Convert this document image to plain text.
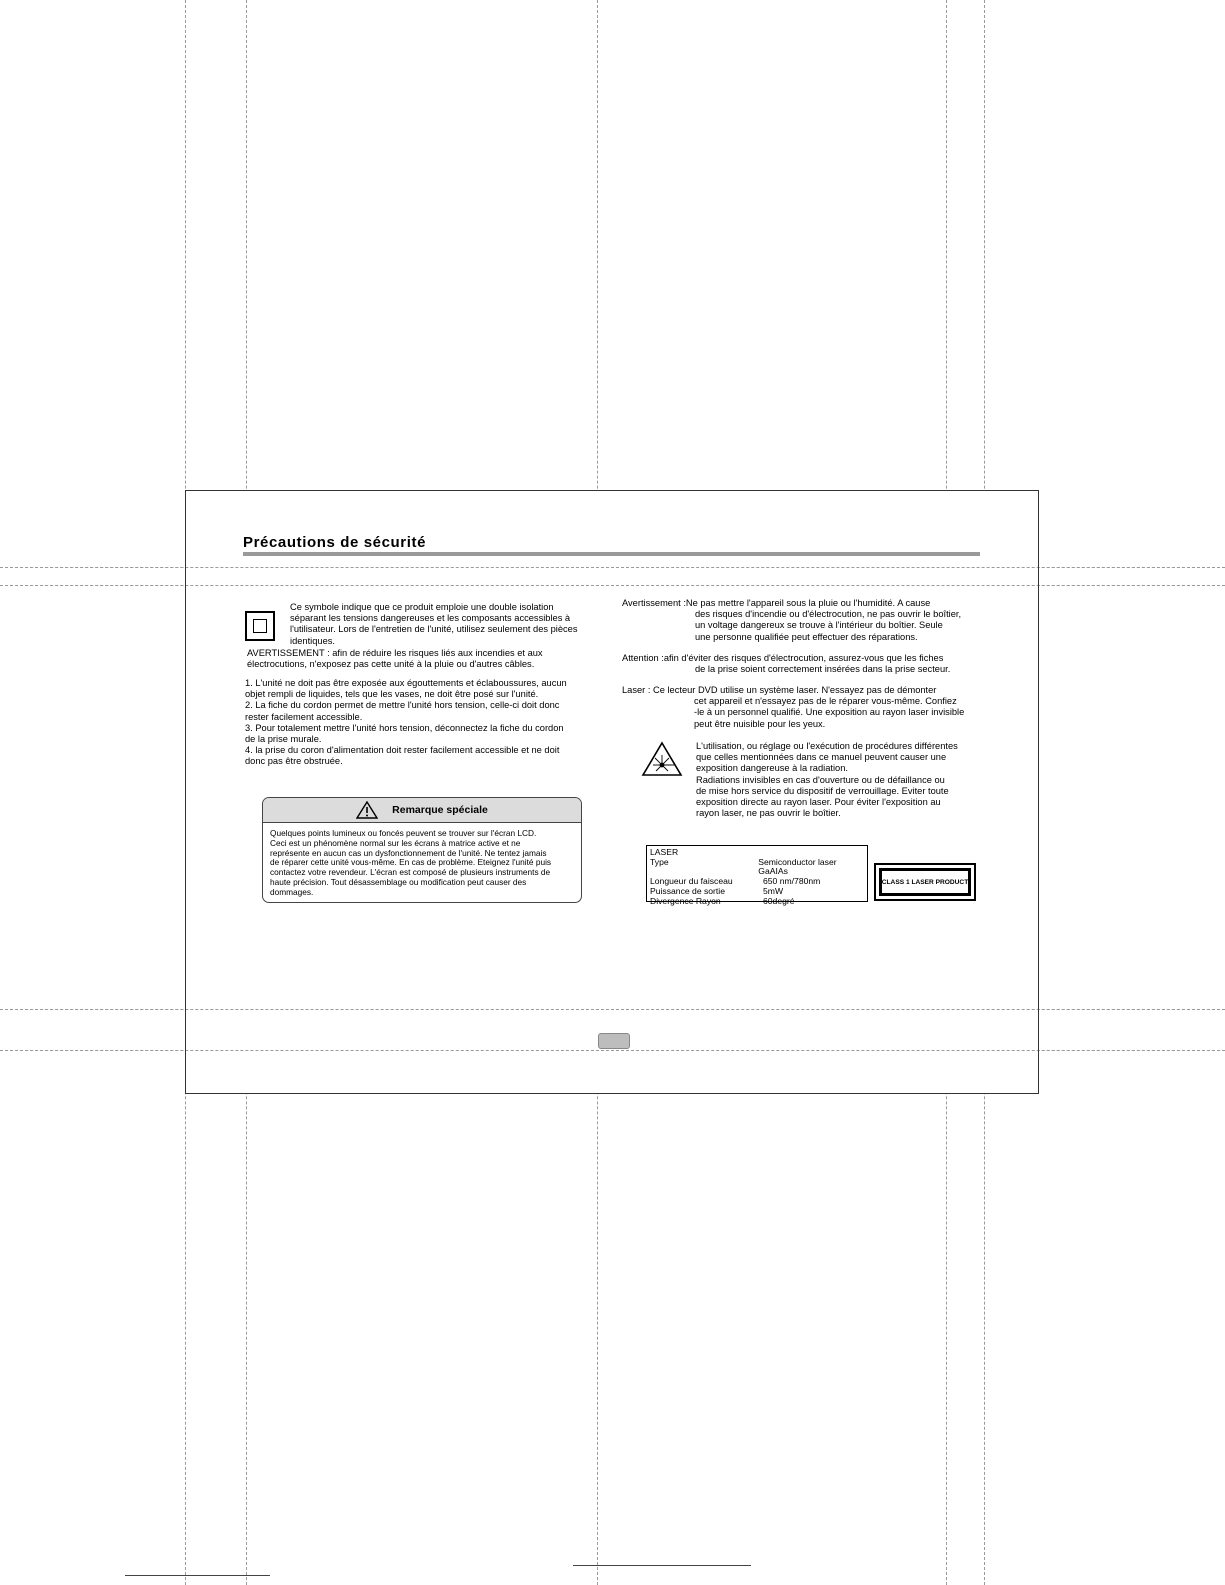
Précautions de sécurité

Ce symbole indique que ce produit emploie une double isolation

séparant les tensions dangereuses et les composants accessibles à

l'utilisateur. Lors de l'entretien de l'unité, utilisez seulement des pièces

identiques.

AVERTISSEMENT : afin de réduire les risques liés aux incendies et aux

électrocutions, n'exposez pas cette unité à la pluie ou d'autres câbles.

1. L'unité ne doit pas être exposée aux égouttements et éclaboussures, aucun

objet rempli de liquides, tels que les vases, ne doit être posé sur l'unité.

2. La fiche du cordon permet de mettre l'unité hors tension, celle-ci doit donc

rester facilement accessible.

3. Pour totalement mettre l'unité hors tension, déconnectez la fiche du cordon

de la prise murale.

4. la prise du coron d'alimentation doit rester facilement accessible et ne doit

donc pas être obstruée.

Remarque spéciale

Quelques points lumineux ou foncés peuvent se trouver sur l'écran LCD.

Ceci est un phénomène normal sur les écrans à matrice active et ne

représente en aucun cas un dysfonctionnement de l'unité. Ne tentez jamais

de réparer cette unité vous-même. En cas de problème. Eteignez l'unité puis

contactez votre revendeur. L'écran est composé de plusieurs instruments de

haute précision. Tout désassemblage ou modification peut causer des

dommages.

Avertissement :Ne pas mettre l'appareil sous la pluie ou l'humidité. A cause

des risques d'incendie ou d'électrocution, ne pas ouvrir le boîtier,

un voltage dangereux se trouve à l'intérieur du boîtier. Seule

une personne qualifiée peut effectuer des réparations.

Attention :afin d'éviter des risques d'électrocution, assurez-vous que les fiches

de la prise soient correctement insérées dans la prise secteur.

Laser : Ce lecteur DVD utilise un système laser. N'essayez pas de démonter

cet appareil et n'essayez pas de le réparer vous-même. Confiez

-le à un personnel qualifié. Une exposition au rayon laser invisible

peut être nuisible pour les yeux.

L'utilisation, ou réglage ou l'exécution de procédures différentes

que celles mentionnées dans ce manuel peuvent causer une

exposition dangereuse à la radiation.

Radiations invisibles en cas d'ouverture ou de défaillance ou

de mise hors service du dispositif de verrouillage. Eviter toute

exposition directe au rayon laser. Pour éviter l'exposition au

rayon laser, ne pas ouvrir le boîtier.

LASER
Type	Semiconductor laser GaAIAs
Longueur du faisceau	650 nm/780nm
Puissance de sortie	5mW
Divergence Rayon	60degré
CLASS 1 LASER PRODUCT
